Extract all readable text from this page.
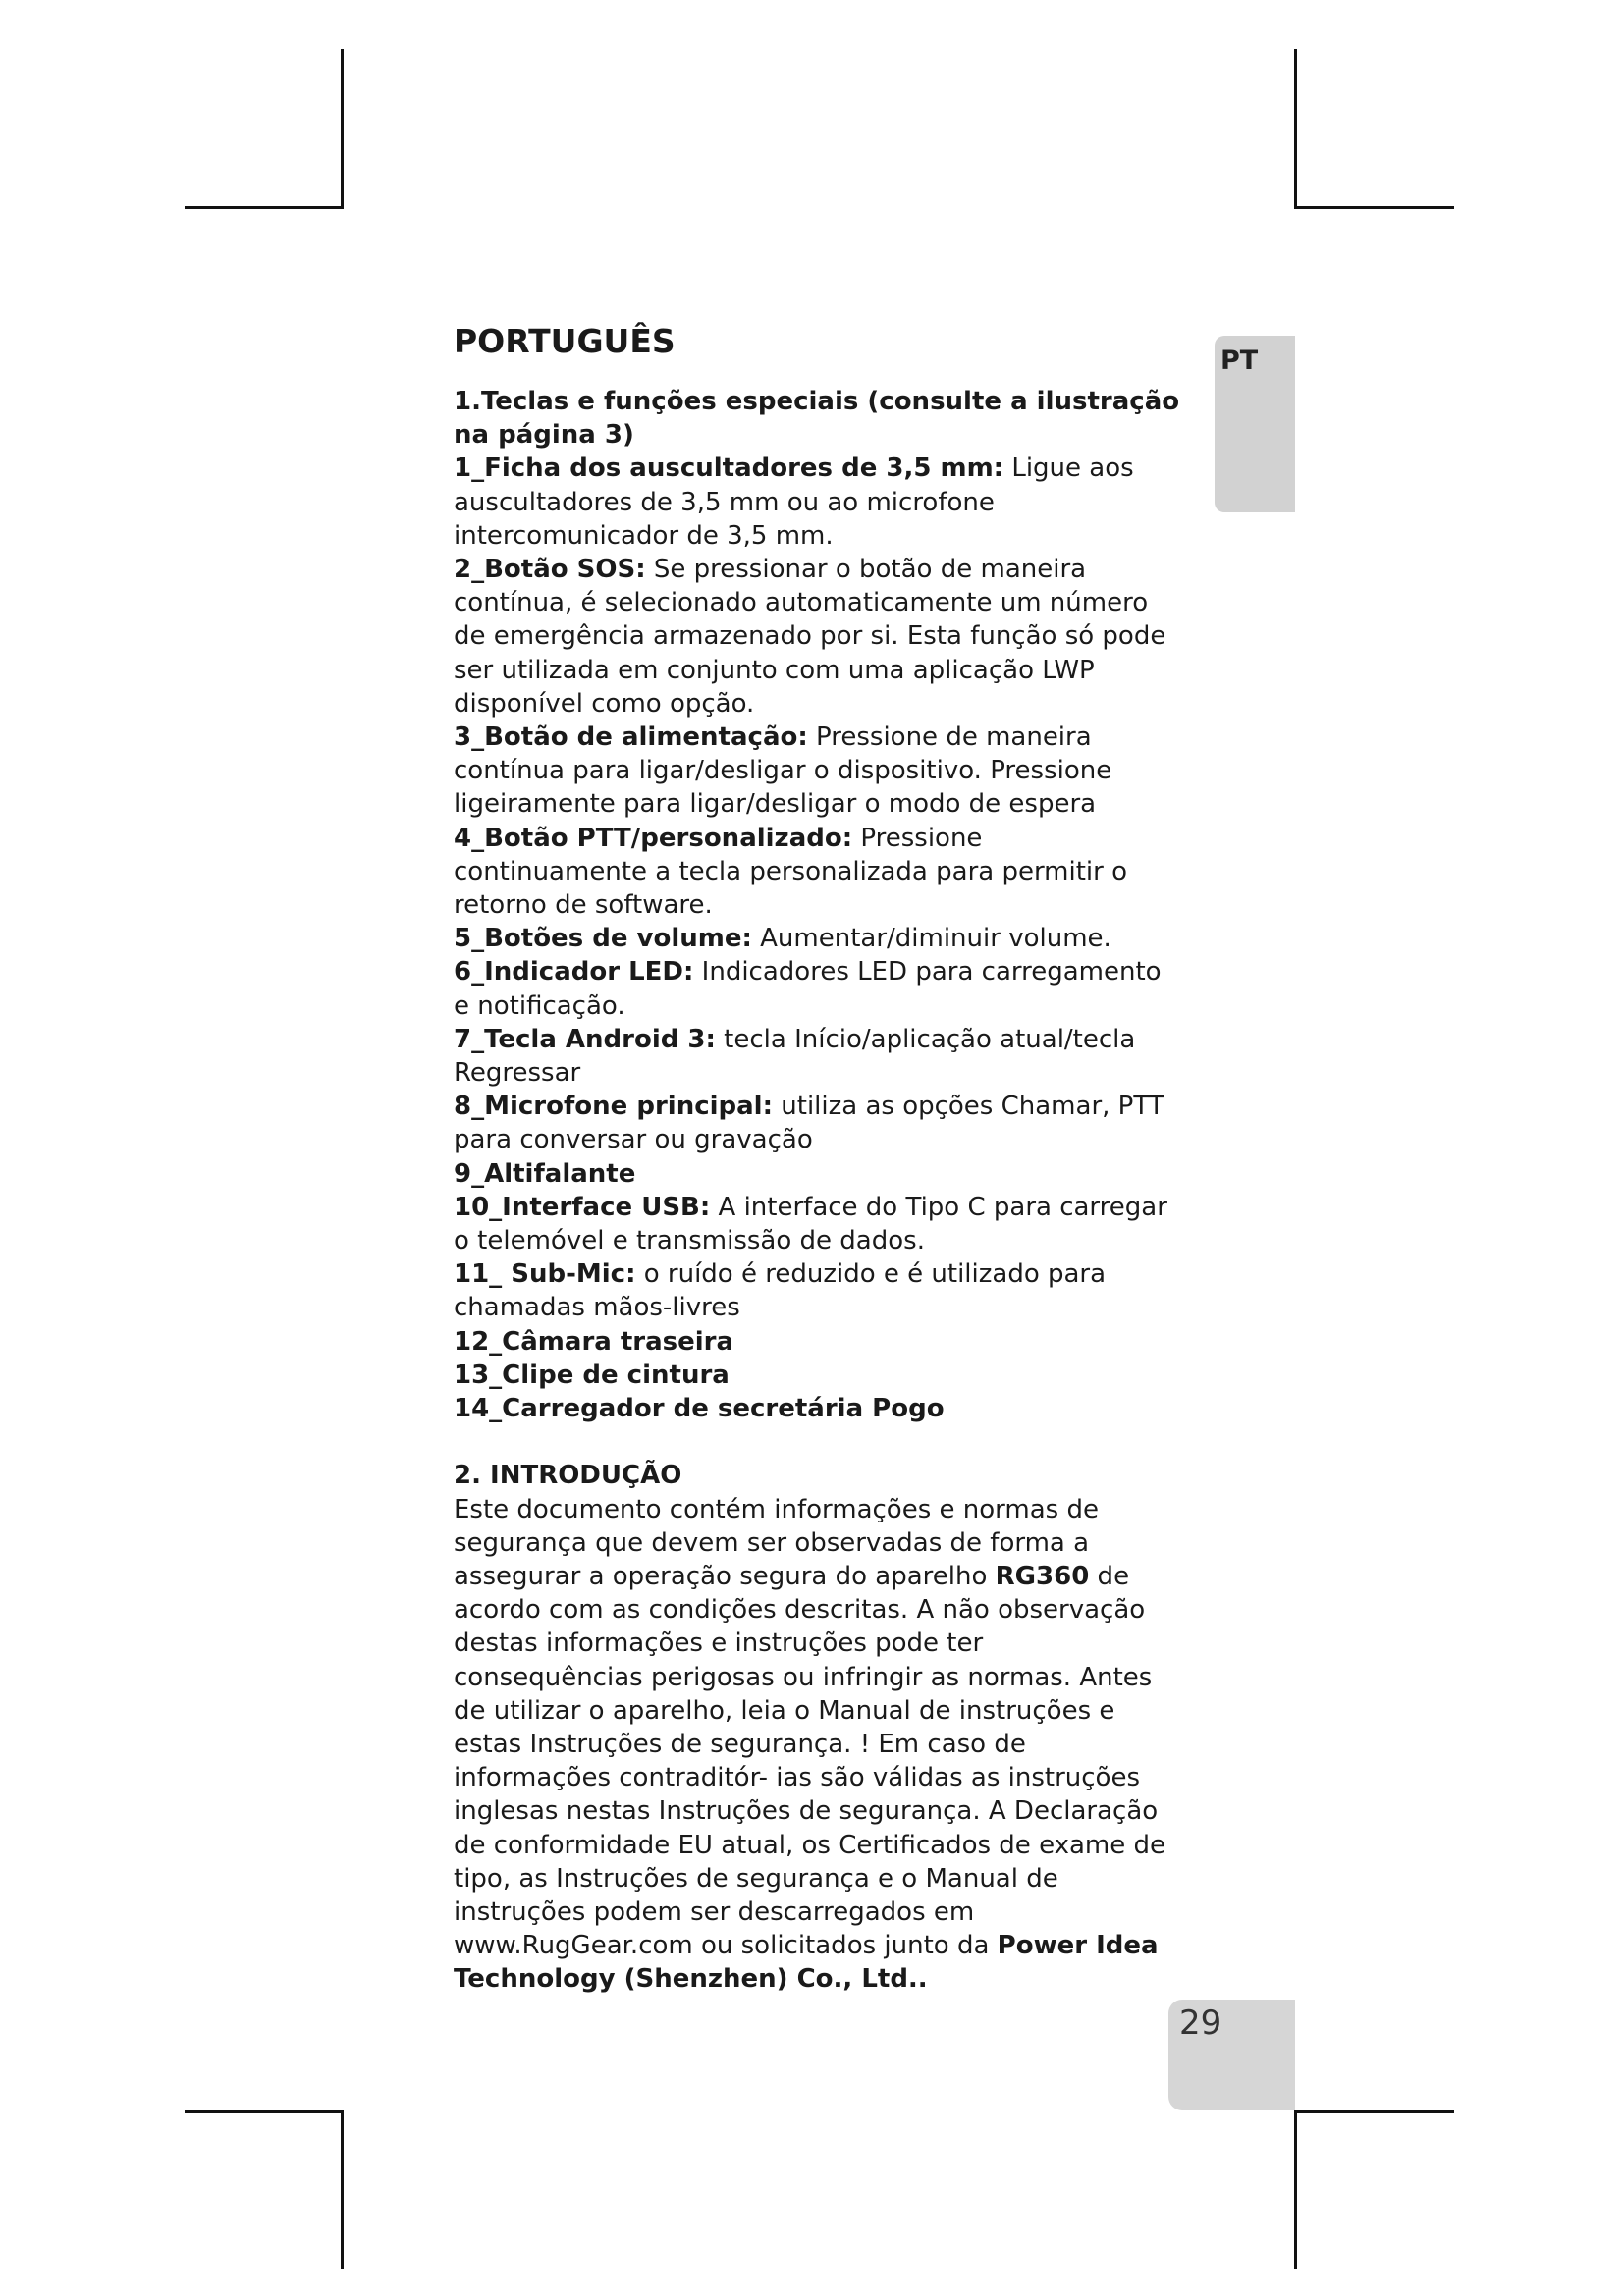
PT
PORTUGUÊS

1.Teclas e funções especiais (consulte a ilustração na página 3)

1_Ficha dos auscultadores de 3,5 mm: Ligue aos auscultadores de 3,5 mm ou ao microfone intercomunicador de 3,5 mm.

2_Botão SOS: Se pressionar o botão de maneira contínua, é selecionado automaticamente um número de emergência armazenado por si. Esta função só pode ser utilizada em conjunto com uma aplicação LWP disponível como opção.

3_Botão de alimentação: Pressione de maneira contínua para ligar/desligar o dispositivo. Pressione ligeiramente para ligar/desligar o modo de espera

4_Botão PTT/personalizado: Pressione continuamente a tecla personalizada para permitir o retorno de software.

5_Botões de volume: Aumentar/diminuir volume.

6_Indicador LED: Indicadores LED para carregamento e notificação.

7_Tecla Android 3: tecla Início/aplicação atual/tecla Regressar

8_Microfone principal: utiliza as opções Chamar, PTT para conversar ou gravação

9_Altifalante

10_Interface USB: A interface do Tipo C para carregar o telemóvel e transmissão de dados.

11_ Sub-Mic: o ruído é reduzido e é utilizado para chamadas mãos-livres

12_Câmara traseira

13_Clipe de cintura

14_Carregador de secretária Pogo

2. INTRODUÇÃO

Este documento contém informações e normas de segurança que devem ser observadas de forma a assegurar a operação segura do aparelho RG360 de acordo com as condições descritas. A não observação destas informações e instruções pode ter consequências perigosas ou infringir as normas. Antes de utilizar o aparelho, leia o Manual de instruções e estas Instruções de segurança. ! Em caso de informações contraditór- ias são válidas as instruções inglesas nestas Instruções de segurança. A Declaração de conformidade EU atual, os Certificados de exame de tipo, as Instruções de segurança e o Manual de instruções podem ser descarregados em www.RugGear.com ou solicitados junto da Power Idea Technology (Shenzhen) Co., Ltd..

29
